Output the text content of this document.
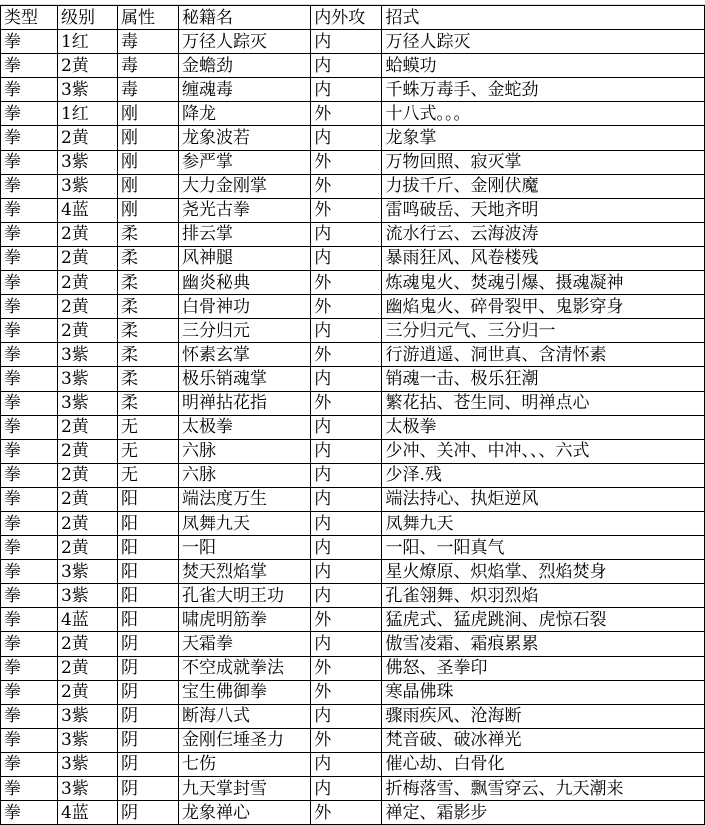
类型	级别	属性	秘籍名	内外攻	招式
拳	1红	毒	万径人踪灭	内	万径人踪灭
拳	2黄	毒	金蟾劲	内	蛤蟆功
拳	3紫	毒	缠魂毒	内	千蛛万毒手、金蛇劲
拳	1红	刚	降龙	外	十八式。。。
拳	2黄	刚	龙象波若	内	龙象掌
拳	3紫	刚	参严掌	外	万物回照、寂灭掌
拳	3紫	刚	大力金刚掌	外	力拔千斤、金刚伏魔
拳	4蓝	刚	尧光古拳	外	雷鸣破岳、天地齐明
拳	2黄	柔	排云掌	内	流水行云、云海波涛
拳	2黄	柔	风神腿	内	暴雨狂风、风卷楼残
拳	2黄	柔	幽炎秘典	外	炼魂鬼火、焚魂引爆、摄魂凝神
拳	2黄	柔	白骨神功	外	幽焰鬼火、碎骨裂甲、鬼影穿身
拳	2黄	柔	三分归元	内	三分归元气、三分归一
拳	3紫	柔	怀素玄掌	外	行游逍遥、洞世真、含清怀素
拳	3紫	柔	极乐销魂掌	内	销魂一击、极乐狂潮
拳	3紫	柔	明禅拈花指	外	繁花拈、苍生同、明禅点心
拳	2黄	无	太极拳	内	太极拳
拳	2黄	无	六脉	内	少冲、关冲、中冲、、、六式
拳	2黄	无	六脉	内	少泽.残
拳	2黄	阳	端法度万生	内	端法持心、执炬逆风
拳	2黄	阳	凤舞九天	内	凤舞九天
拳	2黄	阳	一阳	内	一阳、一阳真气
拳	3紫	阳	焚天烈焰掌	内	星火燎原、炽焰掌、烈焰焚身
拳	3紫	阳	孔雀大明王功	内	孔雀翎舞、炽羽烈焰
拳	4蓝	阳	啸虎明筋拳	外	猛虎式、猛虎跳涧、虎惊石裂
拳	2黄	阴	天霜拳	内	傲雪凌霜、霜痕累累
拳	2黄	阴	不空成就拳法	外	佛怒、圣拳印
拳	2黄	阴	宝生佛御拳	外	寒晶佛珠
拳	3紫	阴	断海八式	内	骤雨疾风、沧海断
拳	3紫	阴	金刚仨埵圣力	外	梵音破、破冰禅光
拳	3紫	阴	七伤	内	催心劫、白骨化
拳	3紫	阴	九天掌封雪	内	折梅落雪、飘雪穿云、九天潮来
拳	4蓝	阴	龙象禅心	外	禅定、霜影步
